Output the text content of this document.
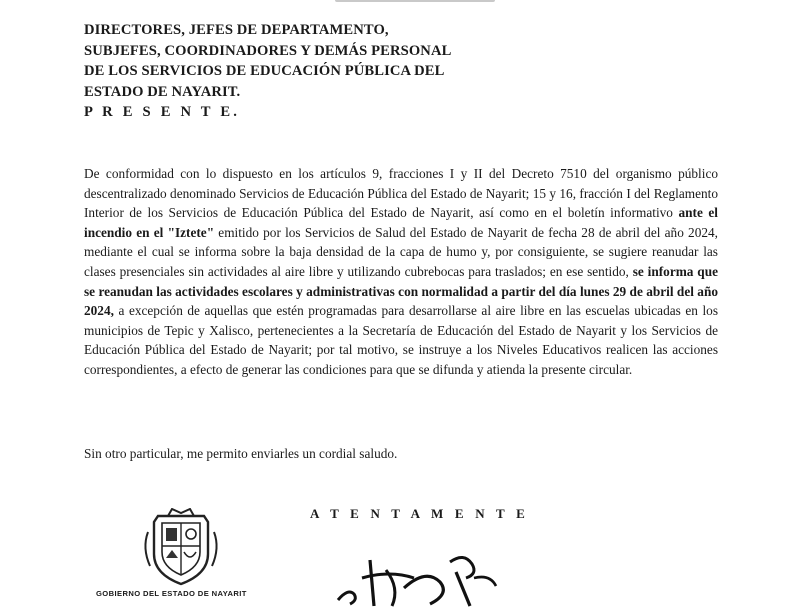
DIRECTORES, JEFES DE DEPARTAMENTO,
SUBJEFES, COORDINADORES Y DEMÁS PERSONAL
DE LOS SERVICIOS DE EDUCACIÓN PÚBLICA DEL
ESTADO DE NAYARIT.
P R E S E N T E.
De conformidad con lo dispuesto en los artículos 9, fracciones I y II del Decreto 7510 del organismo público descentralizado denominado Servicios de Educación Pública del Estado de Nayarit; 15 y 16, fracción I del Reglamento Interior de los Servicios de Educación Pública del Estado de Nayarit, así como en el boletín informativo ante el incendio en el "Iztete" emitido por los Servicios de Salud del Estado de Nayarit de fecha 28 de abril del año 2024, mediante el cual se informa sobre la baja densidad de la capa de humo y, por consiguiente, se sugiere reanudar las clases presenciales sin actividades al aire libre y utilizando cubrebocas para traslados; en ese sentido, se informa que se reanudan las actividades escolares y administrativas con normalidad a partir del día lunes 29 de abril del año 2024, a excepción de aquellas que estén programadas para desarrollarse al aire libre en las escuelas ubicadas en los municipios de Tepic y Xalisco, pertenecientes a la Secretaría de Educación del Estado de Nayarit y los Servicios de Educación Pública del Estado de Nayarit; por tal motivo, se instruye a los Niveles Educativos realicen las acciones correspondientes, a efecto de generar las condiciones para que se difunda y atienda la presente circular.
Sin otro particular, me permito enviarles un cordial saludo.
A T E N T A M E N T E
GOBIERNO DEL ESTADO DE NAYARIT
